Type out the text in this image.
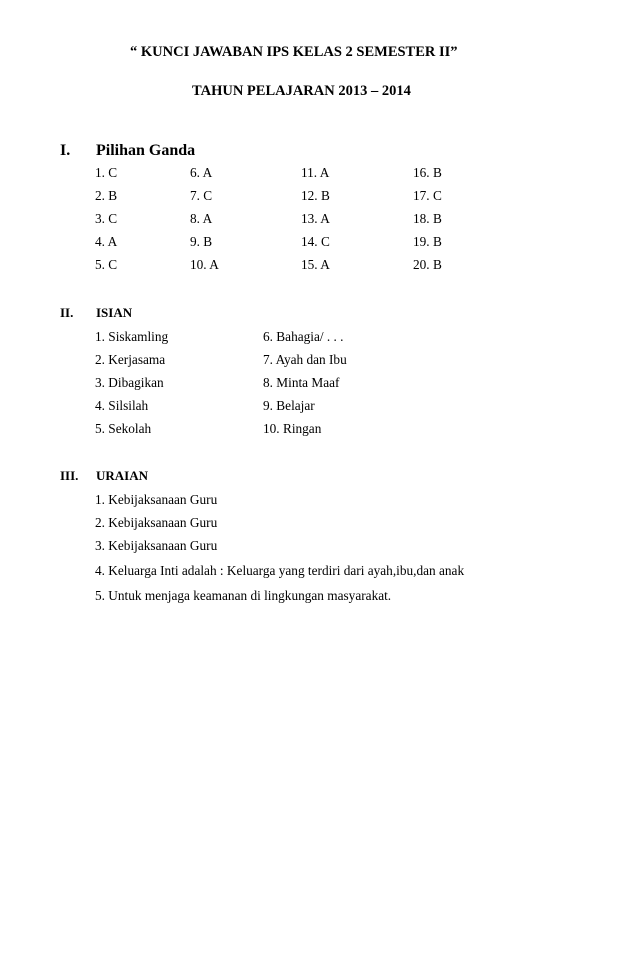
“ KUNCI JAWABAN IPS KELAS 2 SEMESTER II”
TAHUN PELAJARAN 2013 – 2014
I. Pilihan Ganda
1. C
2. B
3. C
4. A
5. C
6. A
7. C
8. A
9. B
10. A
11. A
12. B
13. A
14. C
15. A
16. B
17. C
18. B
19. B
20. B
II. ISIAN
1. Siskamling
2. Kerjasama
3. Dibagikan
4. Silsilah
5. Sekolah
6. Bahagia/ . . .
7. Ayah dan Ibu
8. Minta Maaf
9. Belajar
10. Ringan
III. URAIAN
1. Kebijaksanaan Guru
2. Kebijaksanaan Guru
3. Kebijaksanaan Guru
4. Keluarga Inti adalah : Keluarga yang terdiri dari ayah,ibu,dan anak
5. Untuk menjaga keamanan di lingkungan masyarakat.
